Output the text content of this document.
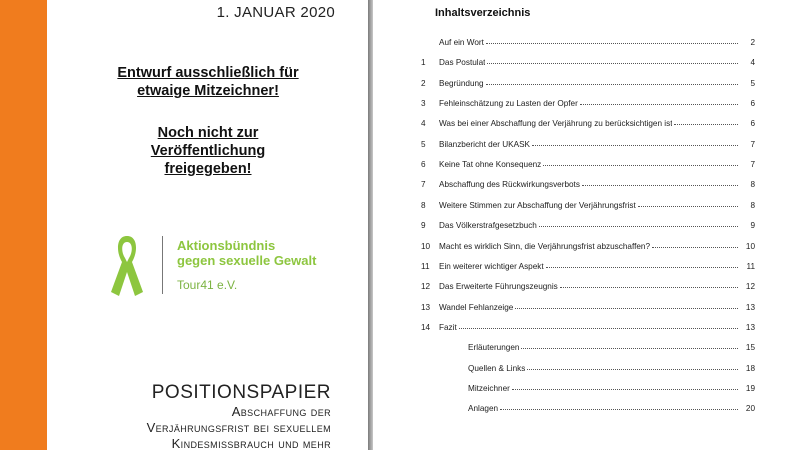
1. JANUAR 2020
Entwurf ausschließlich für
etwaige Mitzeichner!
Noch nicht zur
Veröffentlichung
freigegeben!
Aktionsbündnis
gegen sexuelle Gewalt
Tour41 e.V.
POSITIONSPAPIER
Abschaffung der
Verjährungsfrist bei sexuellem
Kindesmissbrauch und mehr
Inhaltsverzeichnis
Auf ein Wort	2
1	Das Postulat	4
2	Begründung	5
3	Fehleinschätzung zu Lasten der Opfer	6
4	Was bei einer Abschaffung der Verjährung zu berücksichtigen ist	6
5	Bilanzbericht der UKASK	7
6	Keine Tat ohne Konsequenz	7
7	Abschaffung des Rückwirkungsverbots	8
8	Weitere Stimmen zur Abschaffung der Verjährungsfrist	8
9	Das Völkerstrafgesetzbuch	9
10	Macht es wirklich Sinn, die Verjährungsfrist abzuschaffen?	10
11	Ein weiterer wichtiger Aspekt	11
12	Das Erweiterte Führungszeugnis	12
13	Wandel Fehlanzeige	13
14	Fazit	13
Erläuterungen	15
Quellen & Links	18
Mitzeichner	19
Anlagen	20
